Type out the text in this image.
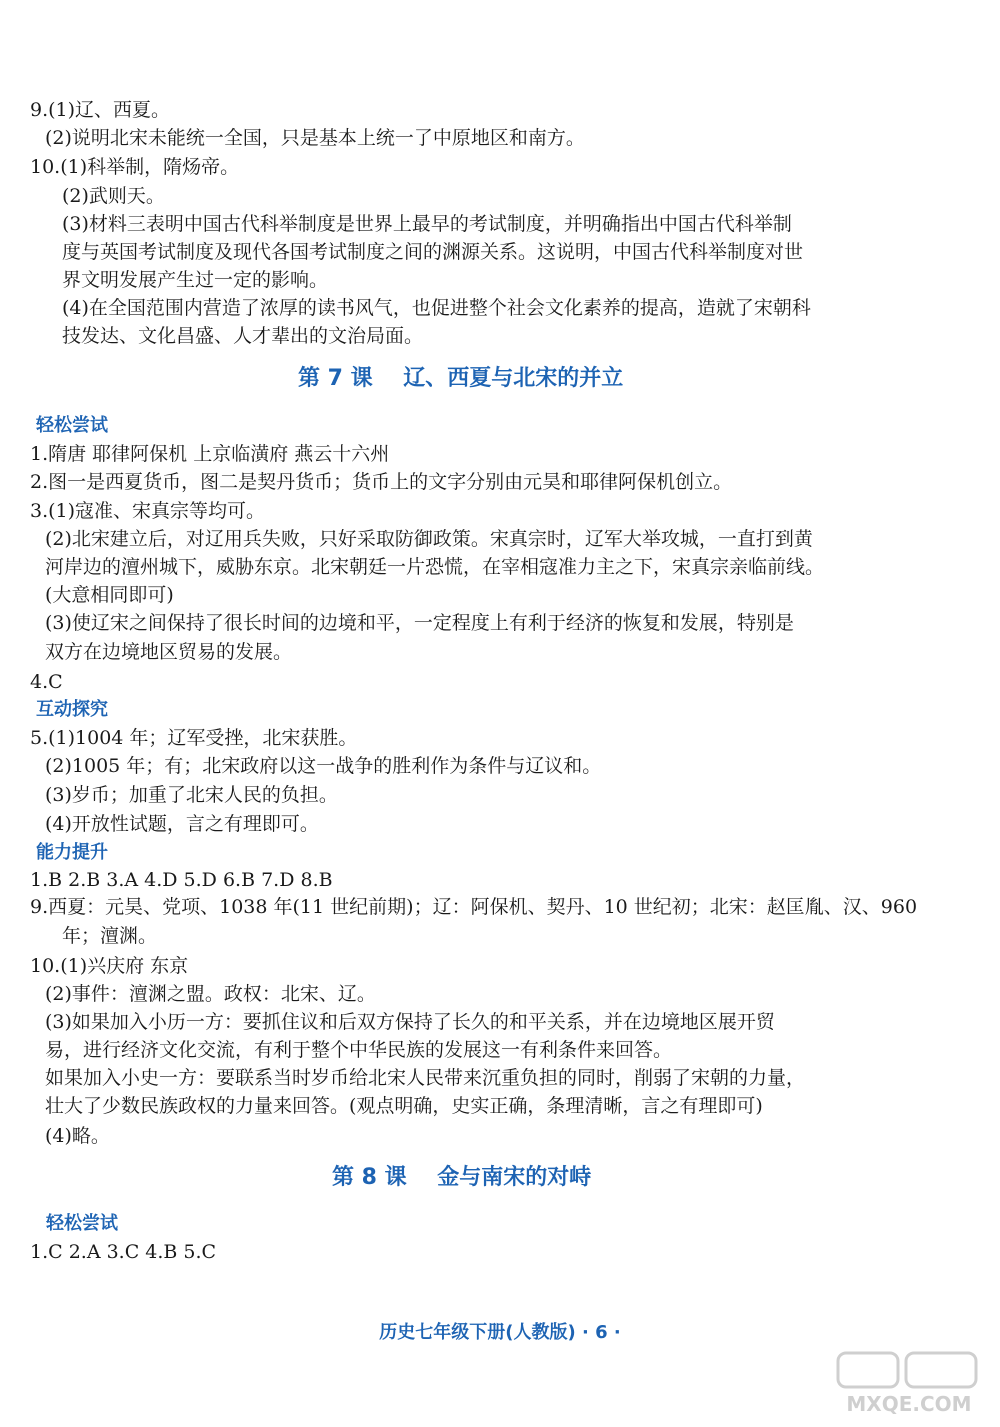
9.(1)辽、西夏。
(2)说明北宋未能统一全国，只是基本上统一了中原地区和南方。
10.(1)科举制，隋炀帝。
(2)武则天。
(3)材料三表明中国古代科举制度是世界上最早的考试制度，并明确指出中国古代科举制
度与英国考试制度及现代各国考试制度之间的渊源关系。这说明，中国古代科举制度对世
界文明发展产生过一定的影响。
(4)在全国范围内营造了浓厚的读书风气，也促进整个社会文化素养的提高，造就了宋朝科
技发达、文化昌盛、人才辈出的文治局面。
第 7 课    辽、西夏与北宋的并立
轻松尝试
1.隋唐 耶律阿保机 上京临潢府 燕云十六州
2.图一是西夏货币，图二是契丹货币；货币上的文字分别由元昊和耶律阿保机创立。
3.(1)寇准、宋真宗等均可。
(2)北宋建立后，对辽用兵失败，只好采取防御政策。宋真宗时，辽军大举攻城，一直打到黄
河岸边的澶州城下，威胁东京。北宋朝廷一片恐慌，在宰相寇准力主之下，宋真宗亲临前线。
(大意相同即可)
(3)使辽宋之间保持了很长时间的边境和平，一定程度上有利于经济的恢复和发展，特别是
双方在边境地区贸易的发展。
4.C
互动探究
5.(1)1004 年；辽军受挫，北宋获胜。
(2)1005 年；有；北宋政府以这一战争的胜利作为条件与辽议和。
(3)岁币；加重了北宋人民的负担。
(4)开放性试题，言之有理即可。
能力提升
1.B 2.B 3.A 4.D 5.D 6.B 7.D 8.B
9.西夏：元昊、党项、1038 年(11 世纪前期)；辽：阿保机、契丹、10 世纪初；北宋：赵匡胤、汉、960
年；澶渊。
10.(1)兴庆府 东京
(2)事件：澶渊之盟。政权：北宋、辽。
(3)如果加入小历一方：要抓住议和后双方保持了长久的和平关系，并在边境地区展开贸
易，进行经济文化交流，有利于整个中华民族的发展这一有利条件来回答。
如果加入小史一方：要联系当时岁币给北宋人民带来沉重负担的同时，削弱了宋朝的力量，
壮大了少数民族政权的力量来回答。(观点明确，史实正确，条理清晰，言之有理即可)
(4)略。
第 8 课    金与南宋的对峙
轻松尝试
1.C 2.A 3.C 4.B 5.C
历史七年级下册(人教版) · 6 ·
MXQE.COM
